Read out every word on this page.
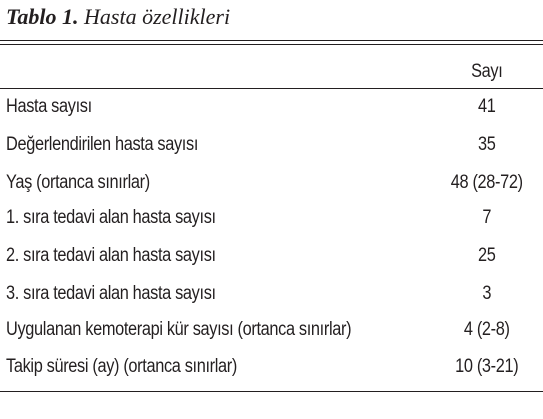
Tablo 1. Hasta özellikleri
Sayı
Hasta sayısı	41
Değerlendirilen hasta sayısı	35
Yaş (ortanca sınırlar)	48 (28-72)
1. sıra tedavi alan hasta sayısı	7
2. sıra tedavi alan hasta sayısı	25
3. sıra tedavi alan hasta sayısı	3
Uygulanan kemoterapi kür sayısı (ortanca sınırlar)	4 (2-8)
Takip süresi (ay) (ortanca sınırlar)	10 (3-21)
